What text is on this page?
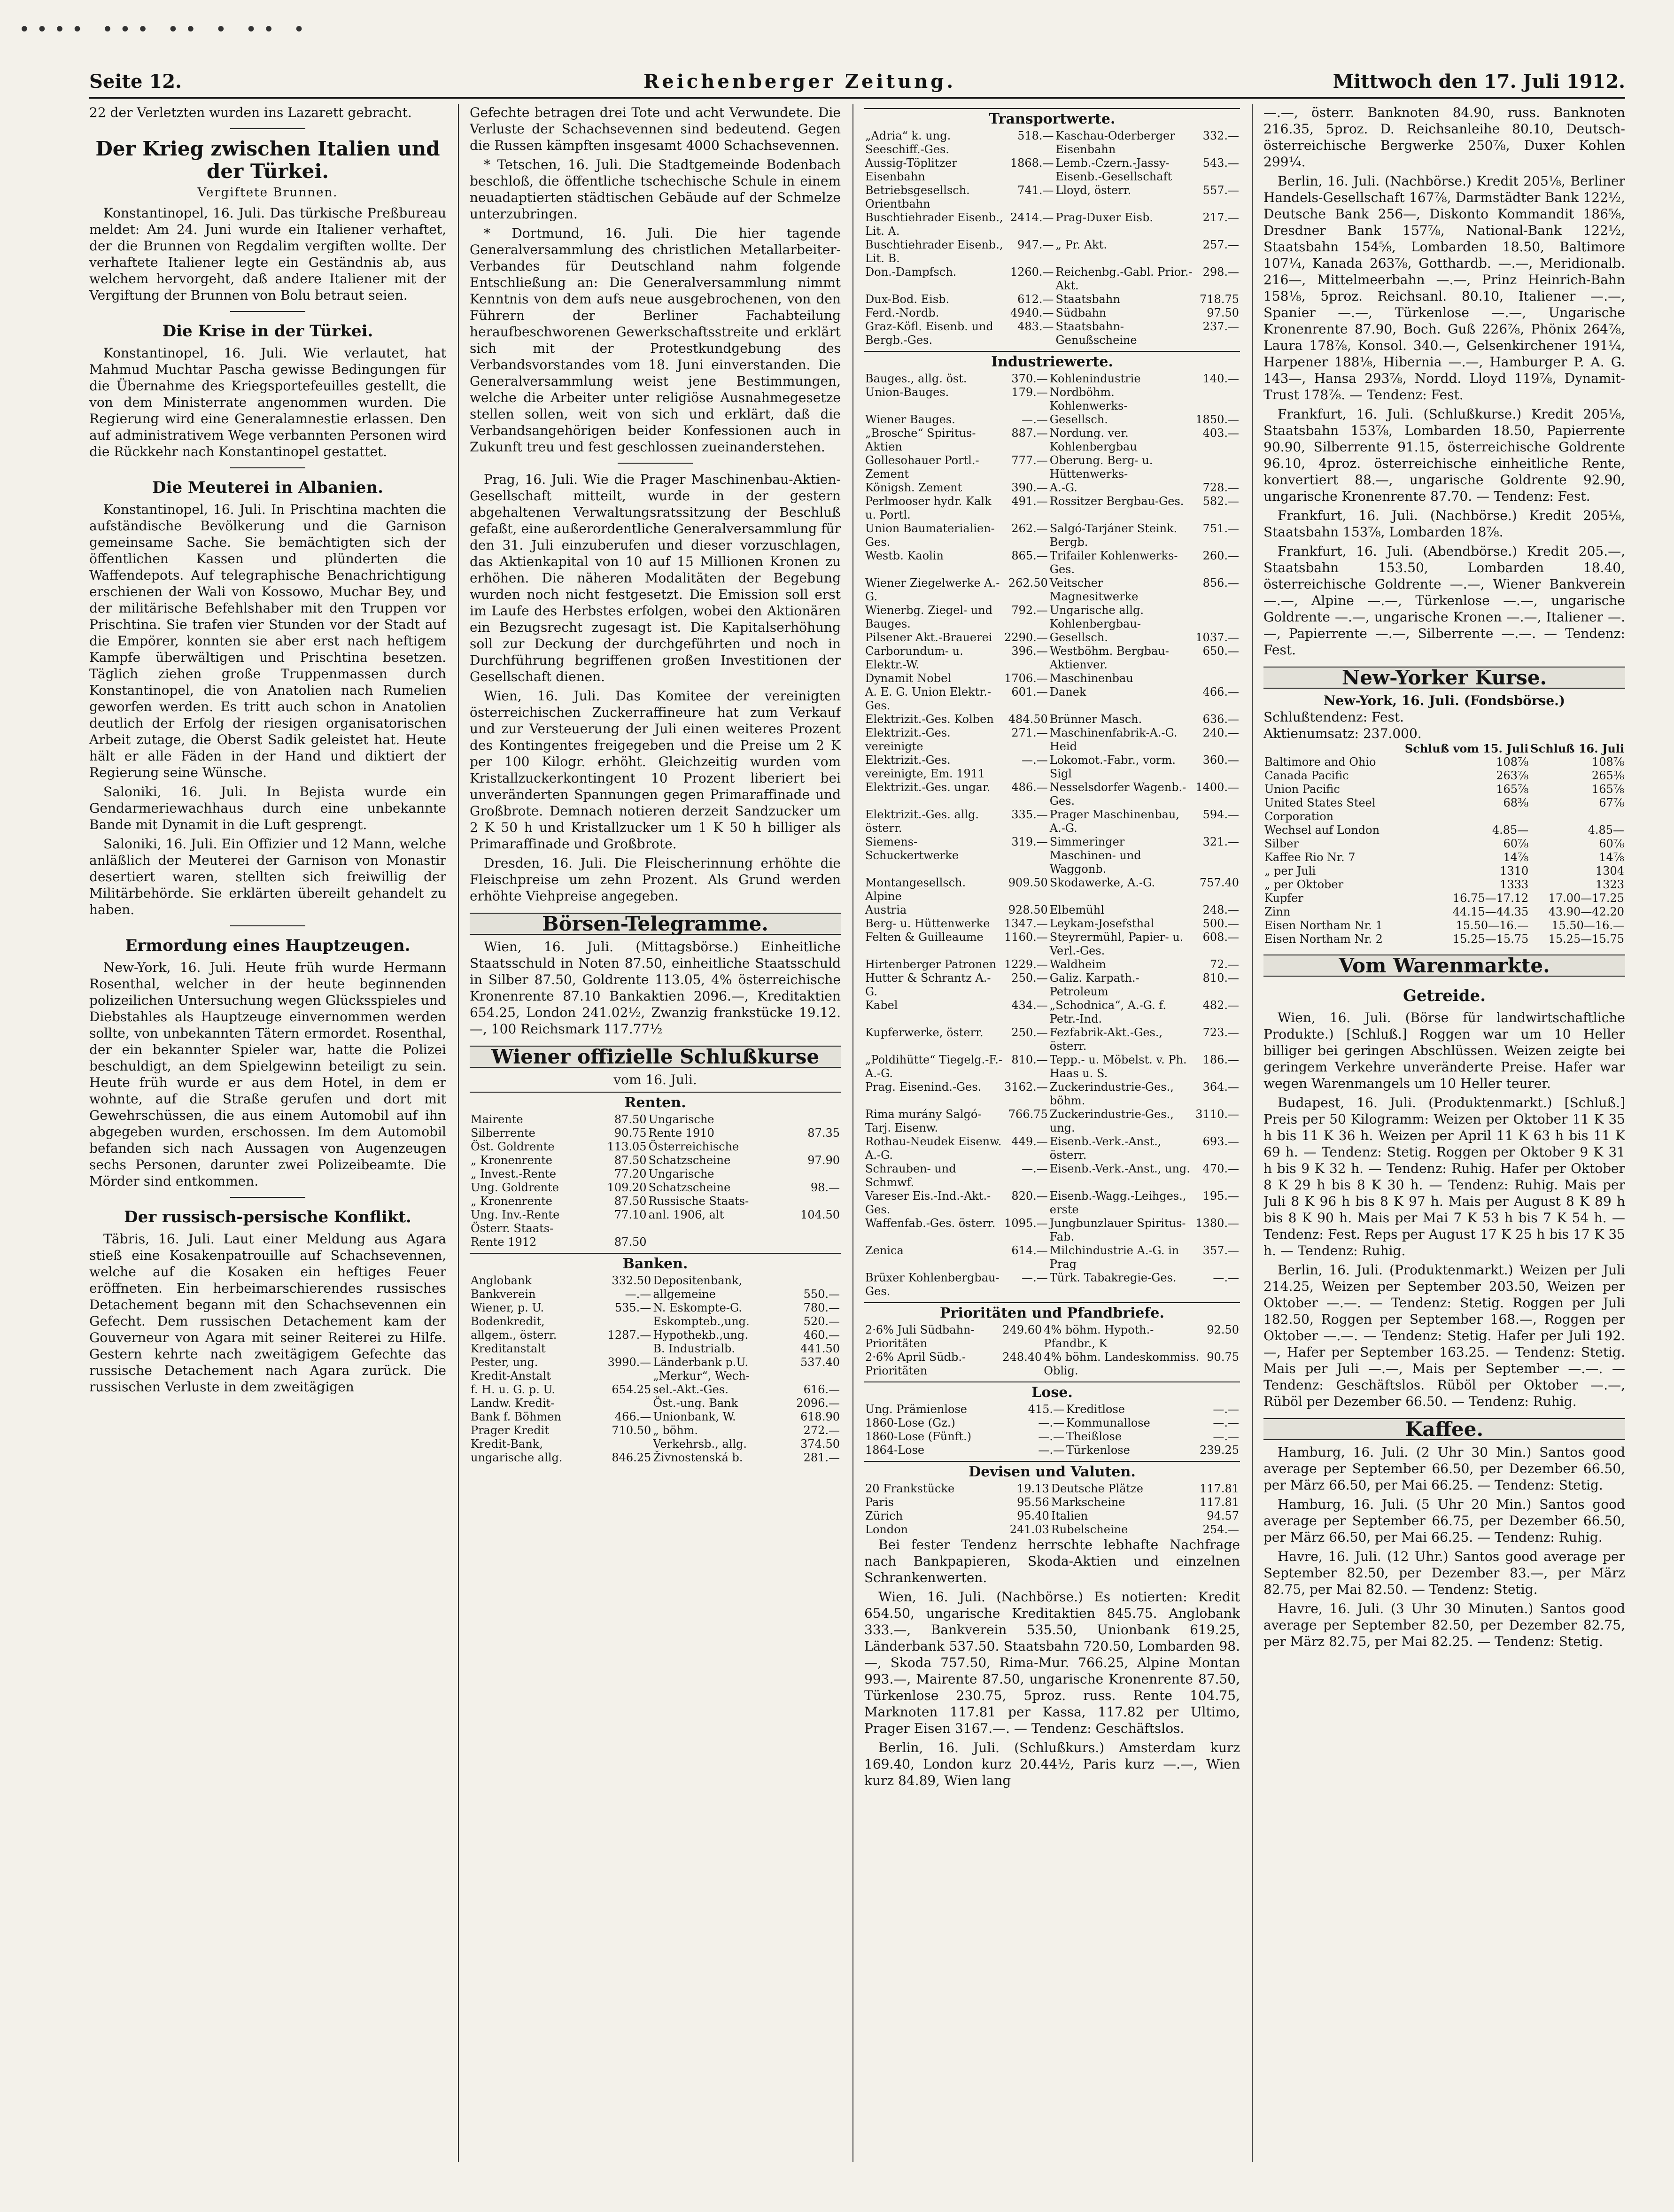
•••• ••• •• • •• •
Seite 12.	Reichenberger Zeitung.	Mittwoch den 17. Juli 1912.

22 der Verletzten wurden ins Lazarett gebracht.

Der Krieg zwischen Italien und der Türkei.
Vergiftete Brunnen.

Konstantinopel, 16. Juli. Das türkische Preßbureau meldet: Am 24. Juni wurde ein Italiener verhaftet, der die Brunnen von Regdalim vergiften wollte. Der verhaftete Italiener legte ein Geständnis ab, aus welchem hervorgeht, daß andere Italiener mit der Vergiftung der Brunnen von Bolu betraut seien.

Die Krise in der Türkei.

Konstantinopel, 16. Juli. Wie verlautet, hat Mahmud Muchtar Pascha gewisse Bedingungen für die Übernahme des Kriegsportefeuilles gestellt, die von dem Ministerrate angenommen wurden. Die Regierung wird eine Generalamnestie erlassen. Den auf administrativem Wege verbannten Personen wird die Rückkehr nach Konstantinopel gestattet.

Die Meuterei in Albanien.

Konstantinopel, 16. Juli. In Prischtina machten die aufständische Bevölkerung und die Garnison gemeinsame Sache. Sie bemächtigten sich der öffentlichen Kassen und plünderten die Waffendepots. Auf telegraphische Benachrichtigung erschienen der Wali von Kossowo, Muchar Bey, und der militärische Befehlshaber mit den Truppen vor Prischtina. Sie trafen vier Stunden vor der Stadt auf die Empörer, konnten sie aber erst nach heftigem Kampfe überwältigen und Prischtina besetzen. Täglich ziehen große Truppenmassen durch Konstantinopel, die von Anatolien nach Rumelien geworfen werden. Es tritt auch schon in Anatolien deutlich der Erfolg der riesigen organisatorischen Arbeit zutage, die Oberst Sadik geleistet hat. Heute hält er alle Fäden in der Hand und diktiert der Regierung seine Wünsche.

Saloniki, 16. Juli. In Bejista wurde ein Gendarmeriewachhaus durch eine unbekannte Bande mit Dynamit in die Luft gesprengt.

Saloniki, 16. Juli. Ein Offizier und 12 Mann, welche anläßlich der Meuterei der Garnison von Monastir desertiert waren, stellten sich freiwillig der Militärbehörde. Sie erklärten übereilt gehandelt zu haben.

Ermordung eines Hauptzeugen.

New-York, 16. Juli. Heute früh wurde Hermann Rosenthal, welcher in der heute beginnenden polizeilichen Untersuchung wegen Glücksspieles und Diebstahles als Hauptzeuge einvernommen werden sollte, von unbekannten Tätern ermordet. Rosenthal, der ein bekannter Spieler war, hatte die Polizei beschuldigt, an dem Spielgewinn beteiligt zu sein. Heute früh wurde er aus dem Hotel, in dem er wohnte, auf die Straße gerufen und dort mit Gewehrschüssen, die aus einem Automobil auf ihn abgegeben wurden, erschossen. Im dem Automobil befanden sich nach Aussagen von Augenzeugen sechs Personen, darunter zwei Polizeibeamte. Die Mörder sind entkommen.

Der russisch-persische Konflikt.

Täbris, 16. Juli. Laut einer Meldung aus Agara stieß eine Kosakenpatrouille auf Schachsevennen, welche auf die Kosaken ein heftiges Feuer eröffneten. Ein herbeimarschierendes russisches Detachement begann mit den Schachsevennen ein Gefecht. Dem russischen Detachement kam der Gouverneur von Agara mit seiner Reiterei zu Hilfe. Gestern kehrte nach zweitägigem Gefechte das russische Detachement nach Agara zurück. Die russischen Verluste in dem zweitägigen

Gefechte betragen drei Tote und acht Verwundete. Die Verluste der Schachsevennen sind bedeutend. Gegen die Russen kämpften insgesamt 4000 Schachsevennen.

* Tetschen, 16. Juli. Die Stadtgemeinde Bodenbach beschloß, die öffentliche tschechische Schule in einem neuadaptierten städtischen Gebäude auf der Schmelze unterzubringen.

* Dortmund, 16. Juli. Die hier tagende Generalversammlung des christlichen Metallarbeiter-Verbandes für Deutschland nahm folgende Entschließung an: Die Generalversammlung nimmt Kenntnis von dem aufs neue ausgebrochenen, von den Führern der Berliner Fachabteilung heraufbeschworenen Gewerkschaftsstreite und erklärt sich mit der Protestkundgebung des Verbandsvorstandes vom 18. Juni einverstanden. Die Generalversammlung weist jene Bestimmungen, welche die Arbeiter unter religiöse Ausnahmegesetze stellen sollen, weit von sich und erklärt, daß die Verbandsangehörigen beider Konfessionen auch in Zukunft treu und fest geschlossen zueinanderstehen.

Prag, 16. Juli. Wie die Prager Maschinenbau-Aktien-Gesellschaft mitteilt, wurde in der gestern abgehaltenen Verwaltungsratssitzung der Beschluß gefaßt, eine außerordentliche Generalversammlung für den 31. Juli einzuberufen und dieser vorzuschlagen, das Aktienkapital von 10 auf 15 Millionen Kronen zu erhöhen. Die näheren Modalitäten der Begebung wurden noch nicht festgesetzt. Die Emission soll erst im Laufe des Herbstes erfolgen, wobei den Aktionären ein Bezugsrecht zugesagt ist. Die Kapitalserhöhung soll zur Deckung der durchgeführten und noch in Durchführung begriffenen großen Investitionen der Gesellschaft dienen.

Wien, 16. Juli. Das Komitee der vereinigten österreichischen Zuckerraffineure hat zum Verkauf und zur Versteuerung der Juli einen weiteres Prozent des Kontingentes freigegeben und die Preise um 2 K per 100 Kilogr. erhöht. Gleichzeitig wurden vom Kristallzuckerkontingent 10 Prozent liberiert bei unveränderten Spannungen gegen Primaraffinade und Großbrote. Demnach notieren derzeit Sandzucker um 2 K 50 h und Kristallzucker um 1 K 50 h billiger als Primaraffinade und Großbrote.

Dresden, 16. Juli. Die Fleischerinnung erhöhte die Fleischpreise um zehn Prozent. Als Grund werden erhöhte Viehpreise angegeben.

Börsen-Telegramme.

Wien, 16. Juli. (Mittagsbörse.) Einheitliche Staatsschuld in Noten 87.50, einheitliche Staatsschuld in Silber 87.50, Goldrente 113.05, 4% österreichische Kronenrente 87.10 Bankaktien 2096.—, Kreditaktien 654.25, London 241.02½, Zwanzig frankstücke 19.12.—, 100 Reichsmark 117.77½

Wiener offizielle Schlußkurse
vom 16. Juli.
Renten.
Mairente	87.50	Ungarische	
Silberrente	90.75	Rente 1910	87.35
Öst. Goldrente	113.05	Österreichische	
„ Kronenrente	87.50	Schatzscheine	97.90
„ Invest.-Rente	77.20	Ungarische	
Ung. Goldrente	109.20	Schatzscheine	98.—
„ Kronenrente	87.50	Russische Staats-	
Ung. Inv.-Rente	77.10	anl. 1906, alt	104.50
Österr. Staats-			
Rente 1912	87.50		
Banken.
Anglobank	332.50	Depositenbank,	
Bankverein	—.—	allgemeine	550.—
Wiener, p. U.	535.—	N. Eskompte-G.	780.—
Bodenkredit,		Eskompteb.,ung.	520.—
allgem., österr.	1287.—	Hypothekb.,ung.	460.—
Kreditanstalt		B. Industrialb.	441.50
Pester, ung.	3990.—	Länderbank p.U.	537.40
Kredit-Anstalt		„Merkur“, Wech-	
f. H. u. G. p. U.	654.25	sel.-Akt.-Ges.	616.—
Landw. Kredit-		Öst.-ung. Bank	2096.—
Bank f. Böhmen	466.—	Unionbank, W.	618.90
Prager Kredit	710.50	„ böhm.	272.—
Kredit-Bank,		Verkehrsb., allg.	374.50
ungarische allg.	846.25	Živnostenská b.	281.—
Transportwerte.
„Adria“ k. ung. Seeschiff.-Ges.	518.—	Kaschau-Oderberger Eisenbahn	332.—
Aussig-Töplitzer Eisenbahn	1868.—	Lemb.-Czern.-Jassy-Eisenb.-Gesellschaft	543.—
Betriebsgesellsch. Orientbahn	741.—	Lloyd, österr.	557.—
Buschtiehrader Eisenb., Lit. A.	2414.—	Prag-Duxer Eisb.	217.—
Buschtiehrader Eisenb., Lit. B.	947.—	„ Pr. Akt.	257.—
Don.-Dampfsch.	1260.—	Reichenbg.-Gabl. Prior.-Akt.	298.—
Dux-Bod. Eisb.	612.—	Staatsbahn	718.75
Ferd.-Nordb.	4940.—	Südbahn	97.50
Graz-Köfl. Eisenb. und Bergb.-Ges.	483.—	Staatsbahn-Genußscheine	237.—
Industriewerte.
Bauges., allg. öst.	370.—	Kohlenindustrie	140.—
Union-Bauges.	179.—	Nordböhm. Kohlenwerks-	
Wiener Bauges.	—.—	Gesellsch.	1850.—
„Brosche“ Spiritus-Aktien	887.—	Nordung. ver. Kohlenbergbau	403.—
Gollesohauer Portl.-Zement	777.—	Oberung. Berg- u. Hüttenwerks-	
Königsh. Zement	390.—	A.-G.	728.—
Perlmooser hydr. Kalk u. Portl.	491.—	Rossitzer Bergbau-Ges.	582.—
Union Baumaterialien-Ges.	262.—	Salgó-Tarjáner Steink. Bergb.	751.—
Westb. Kaolin	865.—	Trifailer Kohlenwerks-Ges.	260.—
Wiener Ziegelwerke A.-G.	262.50	Veitscher Magnesitwerke	856.—
Wienerbg. Ziegel- und Bauges.	792.—	Ungarische allg. Kohlenbergbau-	
Pilsener Akt.-Brauerei	2290.—	Gesellsch.	1037.—
Carborundum- u. Elektr.-W.	396.—	Westböhm. Bergbau-Aktienver.	650.—
Dynamit Nobel	1706.—	Maschinenbau	
A. E. G. Union Elektr.-Ges.	601.—	Danek	466.—
Elektrizit.-Ges. Kolben	484.50	Brünner Masch.	636.—
Elektrizit.-Ges. vereinigte	271.—	Maschinenfabrik-A.-G. Heid	240.—
Elektrizit.-Ges. vereinigte, Em. 1911	—.—	Lokomot.-Fabr., vorm. Sigl	360.—
Elektrizit.-Ges. ungar.	486.—	Nesselsdorfer Wagenb.-Ges.	1400.—
Elektrizit.-Ges. allg. österr.	335.—	Prager Maschinenbau, A.-G.	594.—
Siemens-Schuckertwerke	319.—	Simmeringer Maschinen- und Waggonb.	321.—
Montangesellsch. Alpine	909.50	Skodawerke, A.-G.	757.40
Austria	928.50	Elbemühl	248.—
Berg- u. Hüttenwerke	1347.—	Leykam-Josefsthal	500.—
Felten & Guilleaume	1160.—	Steyrermühl, Papier- u. Verl.-Ges.	608.—
Hirtenberger Patronen	1229.—	Waldheim	72.—
Hutter & Schrantz A.-G.	250.—	Galiz. Karpath.-Petroleum	810.—
Kabel	434.—	„Schodnica“, A.-G. f. Petr.-Ind.	482.—
Kupferwerke, österr.	250.—	Fezfabrik-Akt.-Ges., österr.	723.—
„Poldihütte“ Tiegelg.-F.-A.-G.	810.—	Tepp.- u. Möbelst. v. Ph. Haas u. S.	186.—
Prag. Eisenind.-Ges.	3162.—	Zuckerindustrie-Ges., böhm.	364.—
Rima murány Salgó-Tarj. Eisenw.	766.75	Zuckerindustrie-Ges., ung.	3110.—
Rothau-Neudek Eisenw. A.-G.	449.—	Eisenb.-Verk.-Anst., österr.	693.—
Schrauben- und Schmwf.	—.—	Eisenb.-Verk.-Anst., ung.	470.—
Vareser Eis.-Ind.-Akt.-Ges.	820.—	Eisenb.-Wagg.-Leihges., erste	195.—
Waffenfab.-Ges. österr.	1095.—	Jungbunzlauer Spiritus-Fab.	1380.—
Zenica	614.—	Milchindustrie A.-G. in Prag	357.—
Brüxer Kohlenbergbau-Ges.	—.—	Türk. Tabakregie-Ges.	—.—
Prioritäten und Pfandbriefe.
2·6% Juli Südbahn-Prioritäten	249.60	4% böhm. Hypoth.-Pfandbr., K	92.50
2·6% April Südb.-Prioritäten	248.40	4% böhm. Landeskommiss. Oblig.	90.75
Lose.
Ung. Prämienlose	415.—	Kreditlose	—.—
1860-Lose (Gz.)	—.—	Kommunallose	—.—
1860-Lose (Fünft.)	—.—	Theißlose	—.—
1864-Lose	—.—	Türkenlose	239.25
Devisen und Valuten.
20 Frankstücke	19.13	Deutsche Plätze	117.81
Paris	95.56	Markscheine	117.81
Zürich	95.40	Italien	94.57
London	241.03	Rubelscheine	254.—

Bei fester Tendenz herrschte lebhafte Nachfrage nach Bankpapieren, Skoda-Aktien und einzelnen Schrankenwerten.

Wien, 16. Juli. (Nachbörse.) Es notierten: Kredit 654.50, ungarische Kreditaktien 845.75. Anglobank 333.—, Bankverein 535.50, Unionbank 619.25, Länderbank 537.50. Staatsbahn 720.50, Lombarden 98.—, Skoda 757.50, Rima-Mur. 766.25, Alpine Montan 993.—, Mairente 87.50, ungarische Kronenrente 87.50, Türkenlose 230.75, 5proz. russ. Rente 104.75, Marknoten 117.81 per Kassa, 117.82 per Ultimo, Prager Eisen 3167.—. — Tendenz: Geschäftslos.

Berlin, 16. Juli. (Schlußkurs.) Amsterdam kurz 169.40, London kurz 20.44½, Paris kurz —.—, Wien kurz 84.89, Wien lang

—.—, österr. Banknoten 84.90, russ. Banknoten 216.35, 5proz. D. Reichsanleihe 80.10, Deutsch-österreichische Bergwerke 250⅞, Duxer Kohlen 299¼.

Berlin, 16. Juli. (Nachbörse.) Kredit 205⅛, Berliner Handels-Gesellschaft 167⅞, Darmstädter Bank 122½, Deutsche Bank 256—, Diskonto Kommandit 186⅝, Dresdner Bank 157⅞, National-Bank 122½, Staatsbahn 154⅝, Lombarden 18.50, Baltimore 107¼, Kanada 263⅞, Gotthardb. —.—, Meridionalb. 216—, Mittelmeerbahn —.—, Prinz Heinrich-Bahn 158⅛, 5proz. Reichsanl. 80.10, Italiener —.—, Spanier —.—, Türkenlose —.—, Ungarische Kronenrente 87.90, Boch. Guß 226⅞, Phönix 264⅞, Laura 178⅞, Konsol. 340.—, Gelsenkirchener 191¼, Harpener 188⅛, Hibernia —.—, Hamburger P. A. G. 143—, Hansa 293⅞, Nordd. Lloyd 119⅞, Dynamit-Trust 178⅞. — Tendenz: Fest.

Frankfurt, 16. Juli. (Schlußkurse.) Kredit 205⅛, Staatsbahn 153⅞, Lombarden 18.50, Papierrente 90.90, Silberrente 91.15, österreichische Goldrente 96.10, 4proz. österreichische einheitliche Rente, konvertiert 88.—, ungarische Goldrente 92.90, ungarische Kronenrente 87.70. — Tendenz: Fest.

Frankfurt, 16. Juli. (Nachbörse.) Kredit 205⅛, Staatsbahn 153⅞, Lombarden 18⅞.

Frankfurt, 16. Juli. (Abendbörse.) Kredit 205.—, Staatsbahn 153.50, Lombarden 18.40, österreichische Goldrente —.—, Wiener Bankverein —.—, Alpine —.—, Türkenlose —.—, ungarische Goldrente —.—, ungarische Kronen —.—, Italiener —.—, Papierrente —.—, Silberrente —.—. — Tendenz: Fest.

New-Yorker Kurse.
New-York, 16. Juli. (Fondsbörse.)
Schlußtendenz: Fest.
Aktienumsatz: 237.000.
	Schluß vom 15. Juli	Schluß 16. Juli
Baltimore and Ohio	108⅞	108⅞
Canada Pacific	263⅞	265⅜
Union Pacific	165⅞	165⅞
United States Steel Corporation	68⅜	67⅞
Wechsel auf London	4.85—	4.85—
Silber	60⅞	60⅞
Kaffee Rio Nr. 7	14⅞	14⅞
„ per Juli	1310	1304
„ per Oktober	1333	1323
Kupfer	16.75—17.12	17.00—17.25
Zinn	44.15—44.35	43.90—42.20
Eisen Northam Nr. 1	15.50—16.—	15.50—16.—
Eisen Northam Nr. 2	15.25—15.75	15.25—15.75
Vom Warenmarkte.
Getreide.

Wien, 16. Juli. (Börse für landwirtschaftliche Produkte.) [Schluß.] Roggen war um 10 Heller billiger bei geringen Abschlüssen. Weizen zeigte bei geringem Verkehre unveränderte Preise. Hafer war wegen Warenmangels um 10 Heller teurer.

Budapest, 16. Juli. (Produktenmarkt.) [Schluß.] Preis per 50 Kilogramm: Weizen per Oktober 11 K 35 h bis 11 K 36 h. Weizen per April 11 K 63 h bis 11 K 69 h. — Tendenz: Stetig. Roggen per Oktober 9 K 31 h bis 9 K 32 h. — Tendenz: Ruhig. Hafer per Oktober 8 K 29 h bis 8 K 30 h. — Tendenz: Ruhig. Mais per Juli 8 K 96 h bis 8 K 97 h. Mais per August 8 K 89 h bis 8 K 90 h. Mais per Mai 7 K 53 h bis 7 K 54 h. — Tendenz: Fest. Reps per August 17 K 25 h bis 17 K 35 h. — Tendenz: Ruhig.

Berlin, 16. Juli. (Produktenmarkt.) Weizen per Juli 214.25, Weizen per September 203.50, Weizen per Oktober —.—. — Tendenz: Stetig. Roggen per Juli 182.50, Roggen per September 168.—, Roggen per Oktober —.—. — Tendenz: Stetig. Hafer per Juli 192.—, Hafer per September 163.25. — Tendenz: Stetig. Mais per Juli —.—, Mais per September —.—. — Tendenz: Geschäftslos. Rüböl per Oktober —.—, Rüböl per Dezember 66.50. — Tendenz: Ruhig.

Kaffee.

Hamburg, 16. Juli. (2 Uhr 30 Min.) Santos good average per September 66.50, per Dezember 66.50, per März 66.50, per Mai 66.25. — Tendenz: Stetig.

Hamburg, 16. Juli. (5 Uhr 20 Min.) Santos good average per September 66.75, per Dezember 66.50, per März 66.50, per Mai 66.25. — Tendenz: Ruhig.

Havre, 16. Juli. (12 Uhr.) Santos good average per September 82.50, per Dezember 83.—, per März 82.75, per Mai 82.50. — Tendenz: Stetig.

Havre, 16. Juli. (3 Uhr 30 Minuten.) Santos good average per September 82.50, per Dezember 82.75, per März 82.75, per Mai 82.25. — Tendenz: Stetig.
